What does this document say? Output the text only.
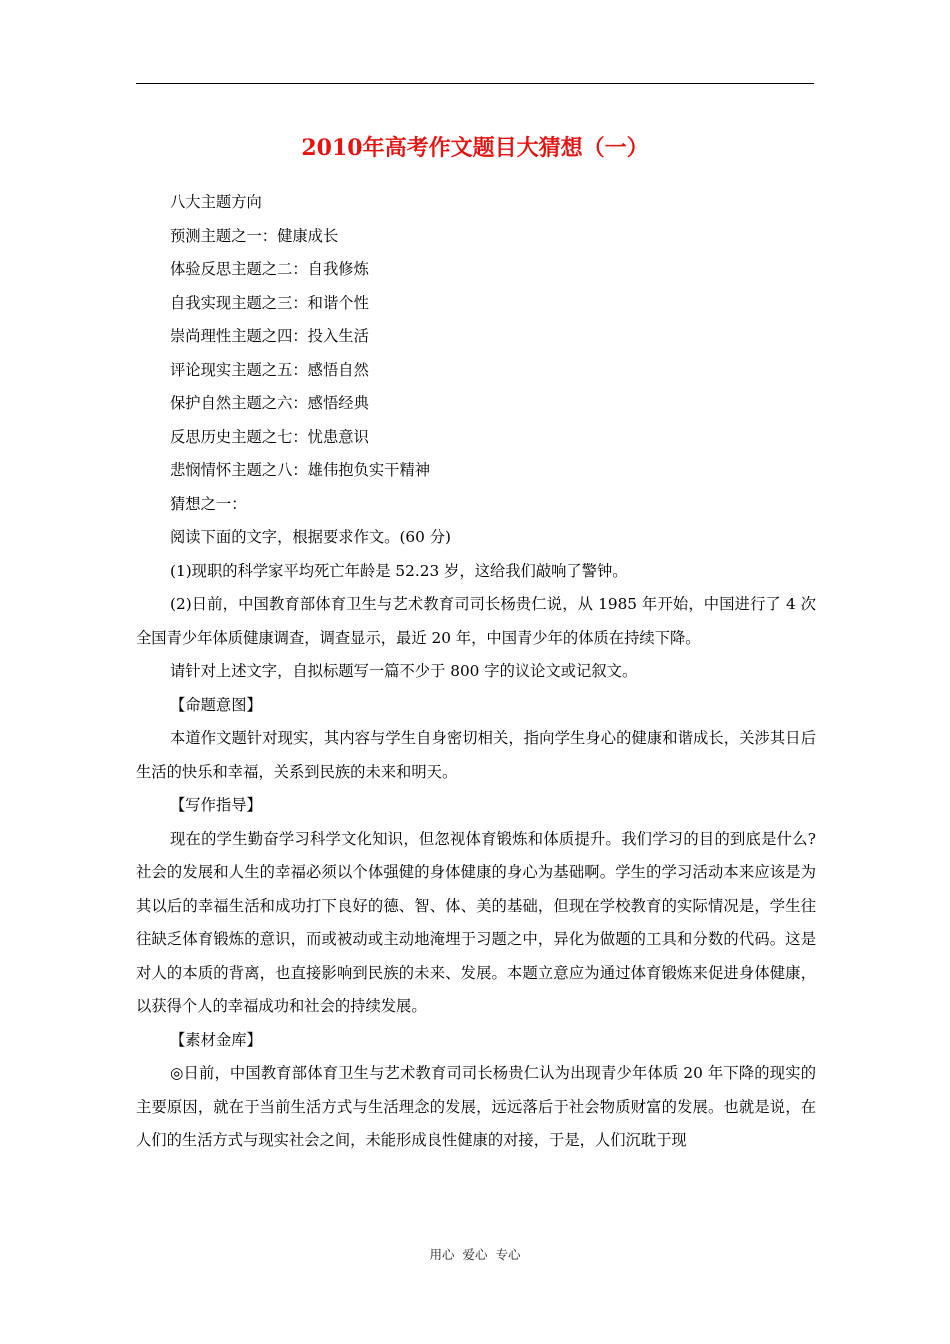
2010年高考作文题目大猜想（一）

八大主题方向

预测主题之一：健康成长

体验反思主题之二：自我修炼

自我实现主题之三：和谐个性

崇尚理性主题之四：投入生活

评论现实主题之五：感悟自然

保护自然主题之六：感悟经典

反思历史主题之七：忧患意识

悲悯情怀主题之八：雄伟抱负实干精神

猜想之一：

阅读下面的文字，根据要求作文。(60 分)

(1)现职的科学家平均死亡年龄是 52.23 岁，这给我们敲响了警钟。

(2)日前，中国教育部体育卫生与艺术教育司司长杨贵仁说，从 1985 年开始，中国进行了 4 次全国青少年体质健康调查，调查显示，最近 20 年，中国青少年的体质在持续下降。

请针对上述文字，自拟标题写一篇不少于 800 字的议论文或记叙文。

【命题意图】

本道作文题针对现实，其内容与学生自身密切相关，指向学生身心的健康和谐成长，关涉其日后生活的快乐和幸福，关系到民族的未来和明天。

【写作指导】

现在的学生勤奋学习科学文化知识，但忽视体育锻炼和体质提升。我们学习的目的到底是什么?社会的发展和人生的幸福必须以个体强健的身体健康的身心为基础啊。学生的学习活动本来应该是为其以后的幸福生活和成功打下良好的德、智、体、美的基础，但现在学校教育的实际情况是，学生往往缺乏体育锻炼的意识，而或被动或主动地淹埋于习题之中，异化为做题的工具和分数的代码。这是对人的本质的背离，也直接影响到民族的未来、发展。本题立意应为通过体育锻炼来促进身体健康，以获得个人的幸福成功和社会的持续发展。

【素材金库】

◎日前，中国教育部体育卫生与艺术教育司司长杨贵仁认为出现青少年体质 20 年下降的现实的主要原因，就在于当前生活方式与生活理念的发展，远远落后于社会物质财富的发展。也就是说，在人们的生活方式与现实社会之间，未能形成良性健康的对接，于是，人们沉耽于现

用心 爱心 专心
